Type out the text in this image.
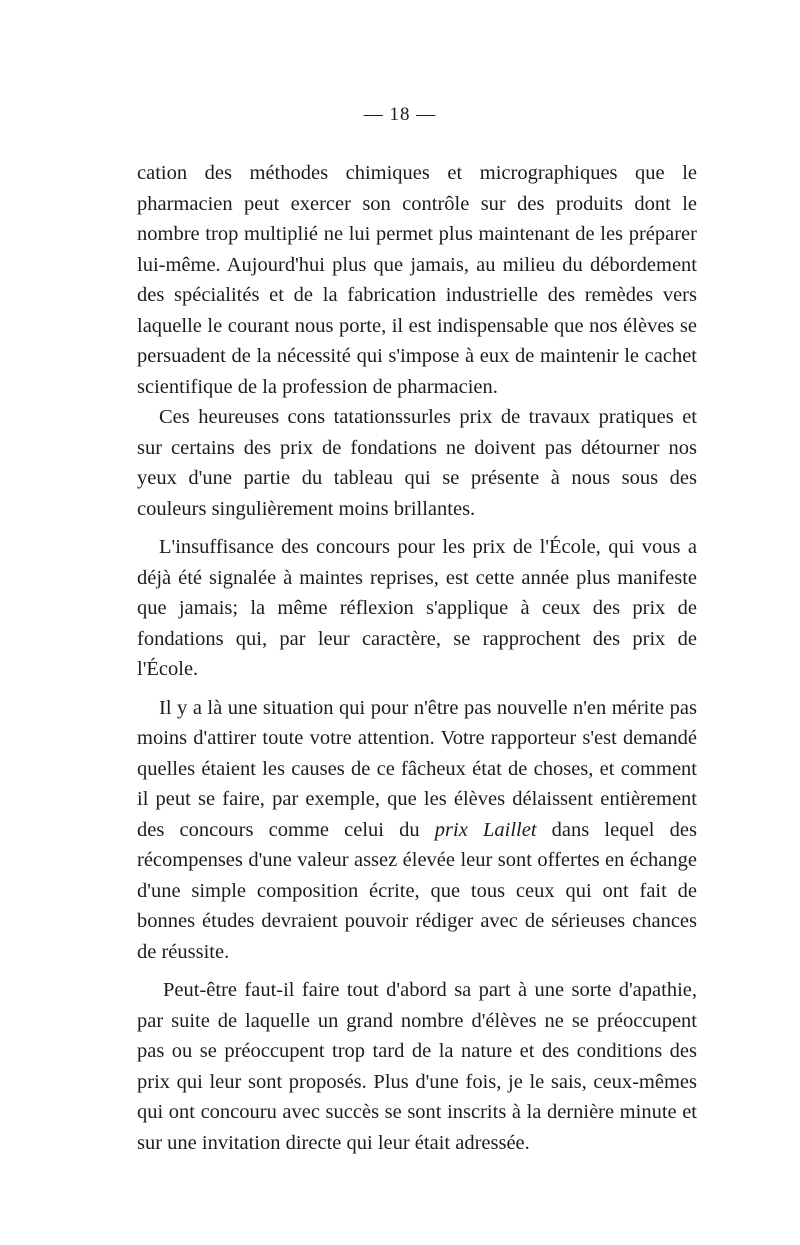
— 18 —

cation des méthodes chimiques et micrographiques que le pharmacien peut exercer son contrôle sur des produits dont le nombre trop multiplié ne lui permet plus maintenant de les préparer lui-même. Aujourd'hui plus que jamais, au milieu du débordement des spécialités et de la fabrication industrielle des remèdes vers laquelle le courant nous porte, il est indispensable que nos élèves se persuadent de la nécessité qui s'impose à eux de maintenir le cachet scientifique de la profession de pharmacien.

Ces heureuses cons tatationssurles prix de travaux pratiques et sur certains des prix de fondations ne doivent pas détourner nos yeux d'une partie du tableau qui se présente à nous sous des couleurs singulièrement moins brillantes.

L'insuffisance des concours pour les prix de l'École, qui vous a déjà été signalée à maintes reprises, est cette année plus manifeste que jamais; la même réflexion s'applique à ceux des prix de fondations qui, par leur caractère, se rapprochent des prix de l'École.

Il y a là une situation qui pour n'être pas nouvelle n'en mérite pas moins d'attirer toute votre attention. Votre rapporteur s'est demandé quelles étaient les causes de ce fâcheux état de choses, et comment il peut se faire, par exemple, que les élèves délaissent entièrement des concours comme celui du prix Laillet dans lequel des récompenses d'une valeur assez élevée leur sont offertes en échange d'une simple composition écrite, que tous ceux qui ont fait de bonnes études devraient pouvoir rédiger avec de sérieuses chances de réussite.

Peut-être faut-il faire tout d'abord sa part à une sorte d'apathie, par suite de laquelle un grand nombre d'élèves ne se préoccupent pas ou se préoccupent trop tard de la nature et des conditions des prix qui leur sont proposés. Plus d'une fois, je le sais, ceux-mêmes qui ont concouru avec succès se sont inscrits à la dernière minute et sur une invitation directe qui leur était adressée.
